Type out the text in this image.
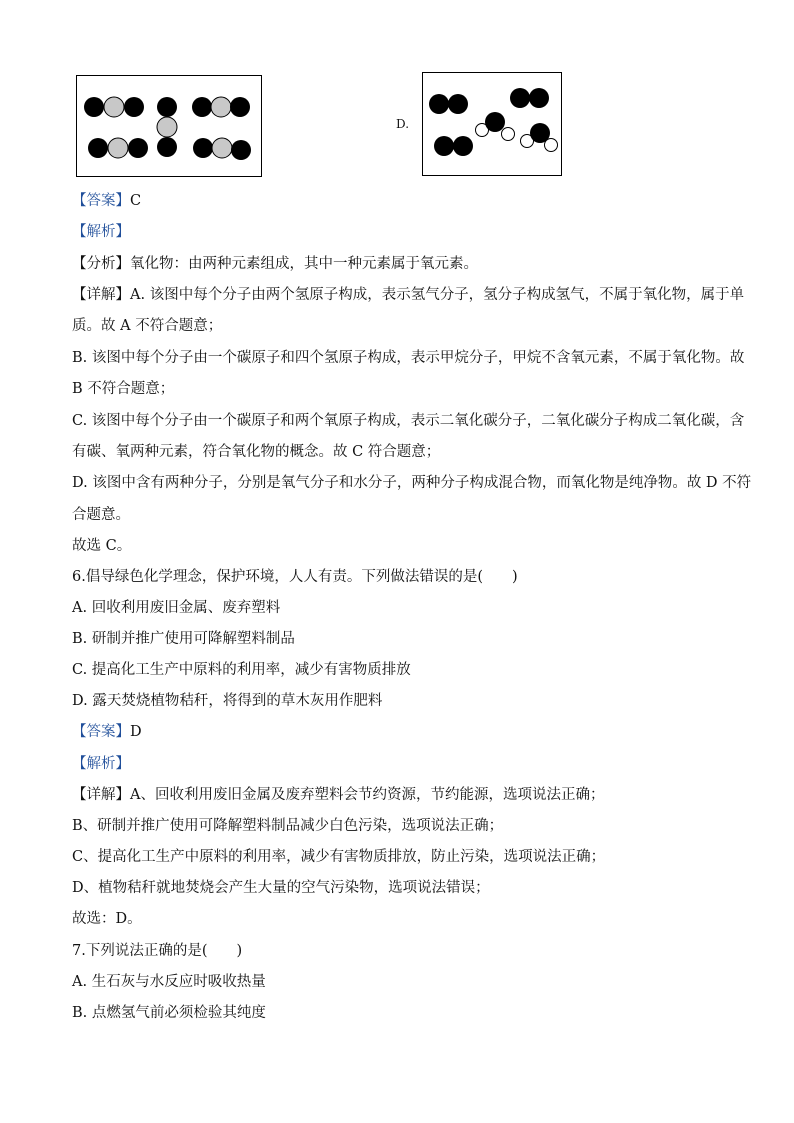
D.
【答案】C
【解析】
【分析】氧化物：由两种元素组成，其中一种元素属于氧元素。
【详解】A. 该图中每个分子由两个氢原子构成，表示氢气分子，氢分子构成氢气，不属于氧化物，属于单
质。故 A 不符合题意；
B. 该图中每个分子由一个碳原子和四个氢原子构成，表示甲烷分子，甲烷不含氧元素，不属于氧化物。故
B 不符合题意；
C. 该图中每个分子由一个碳原子和两个氧原子构成，表示二氧化碳分子，二氧化碳分子构成二氧化碳，含
有碳、氧两种元素，符合氧化物的概念。故 C 符合题意；
D. 该图中含有两种分子，分别是氧气分子和水分子，两种分子构成混合物，而氧化物是纯净物。故 D 不符
合题意。
故选 C。
6.倡导绿色化学理念，保护环境，人人有责。下列做法错误的是(　　)
A. 回收利用废旧金属、废弃塑料
B. 研制并推广使用可降解塑料制品
C. 提高化工生产中原料的利用率，减少有害物质排放
D. 露天焚烧植物秸秆，将得到的草木灰用作肥料
【答案】D
【解析】
【详解】A、回收利用废旧金属及废弃塑料会节约资源，节约能源，选项说法正确；
B、研制并推广使用可降解塑料制品减少白色污染，选项说法正确；
C、提高化工生产中原料的利用率，减少有害物质排放，防止污染，选项说法正确；
D、植物秸秆就地焚烧会产生大量的空气污染物，选项说法错误；
故选：D。
7.下列说法正确的是(　　)
A. 生石灰与水反应时吸收热量
B. 点燃氢气前必须检验其纯度
